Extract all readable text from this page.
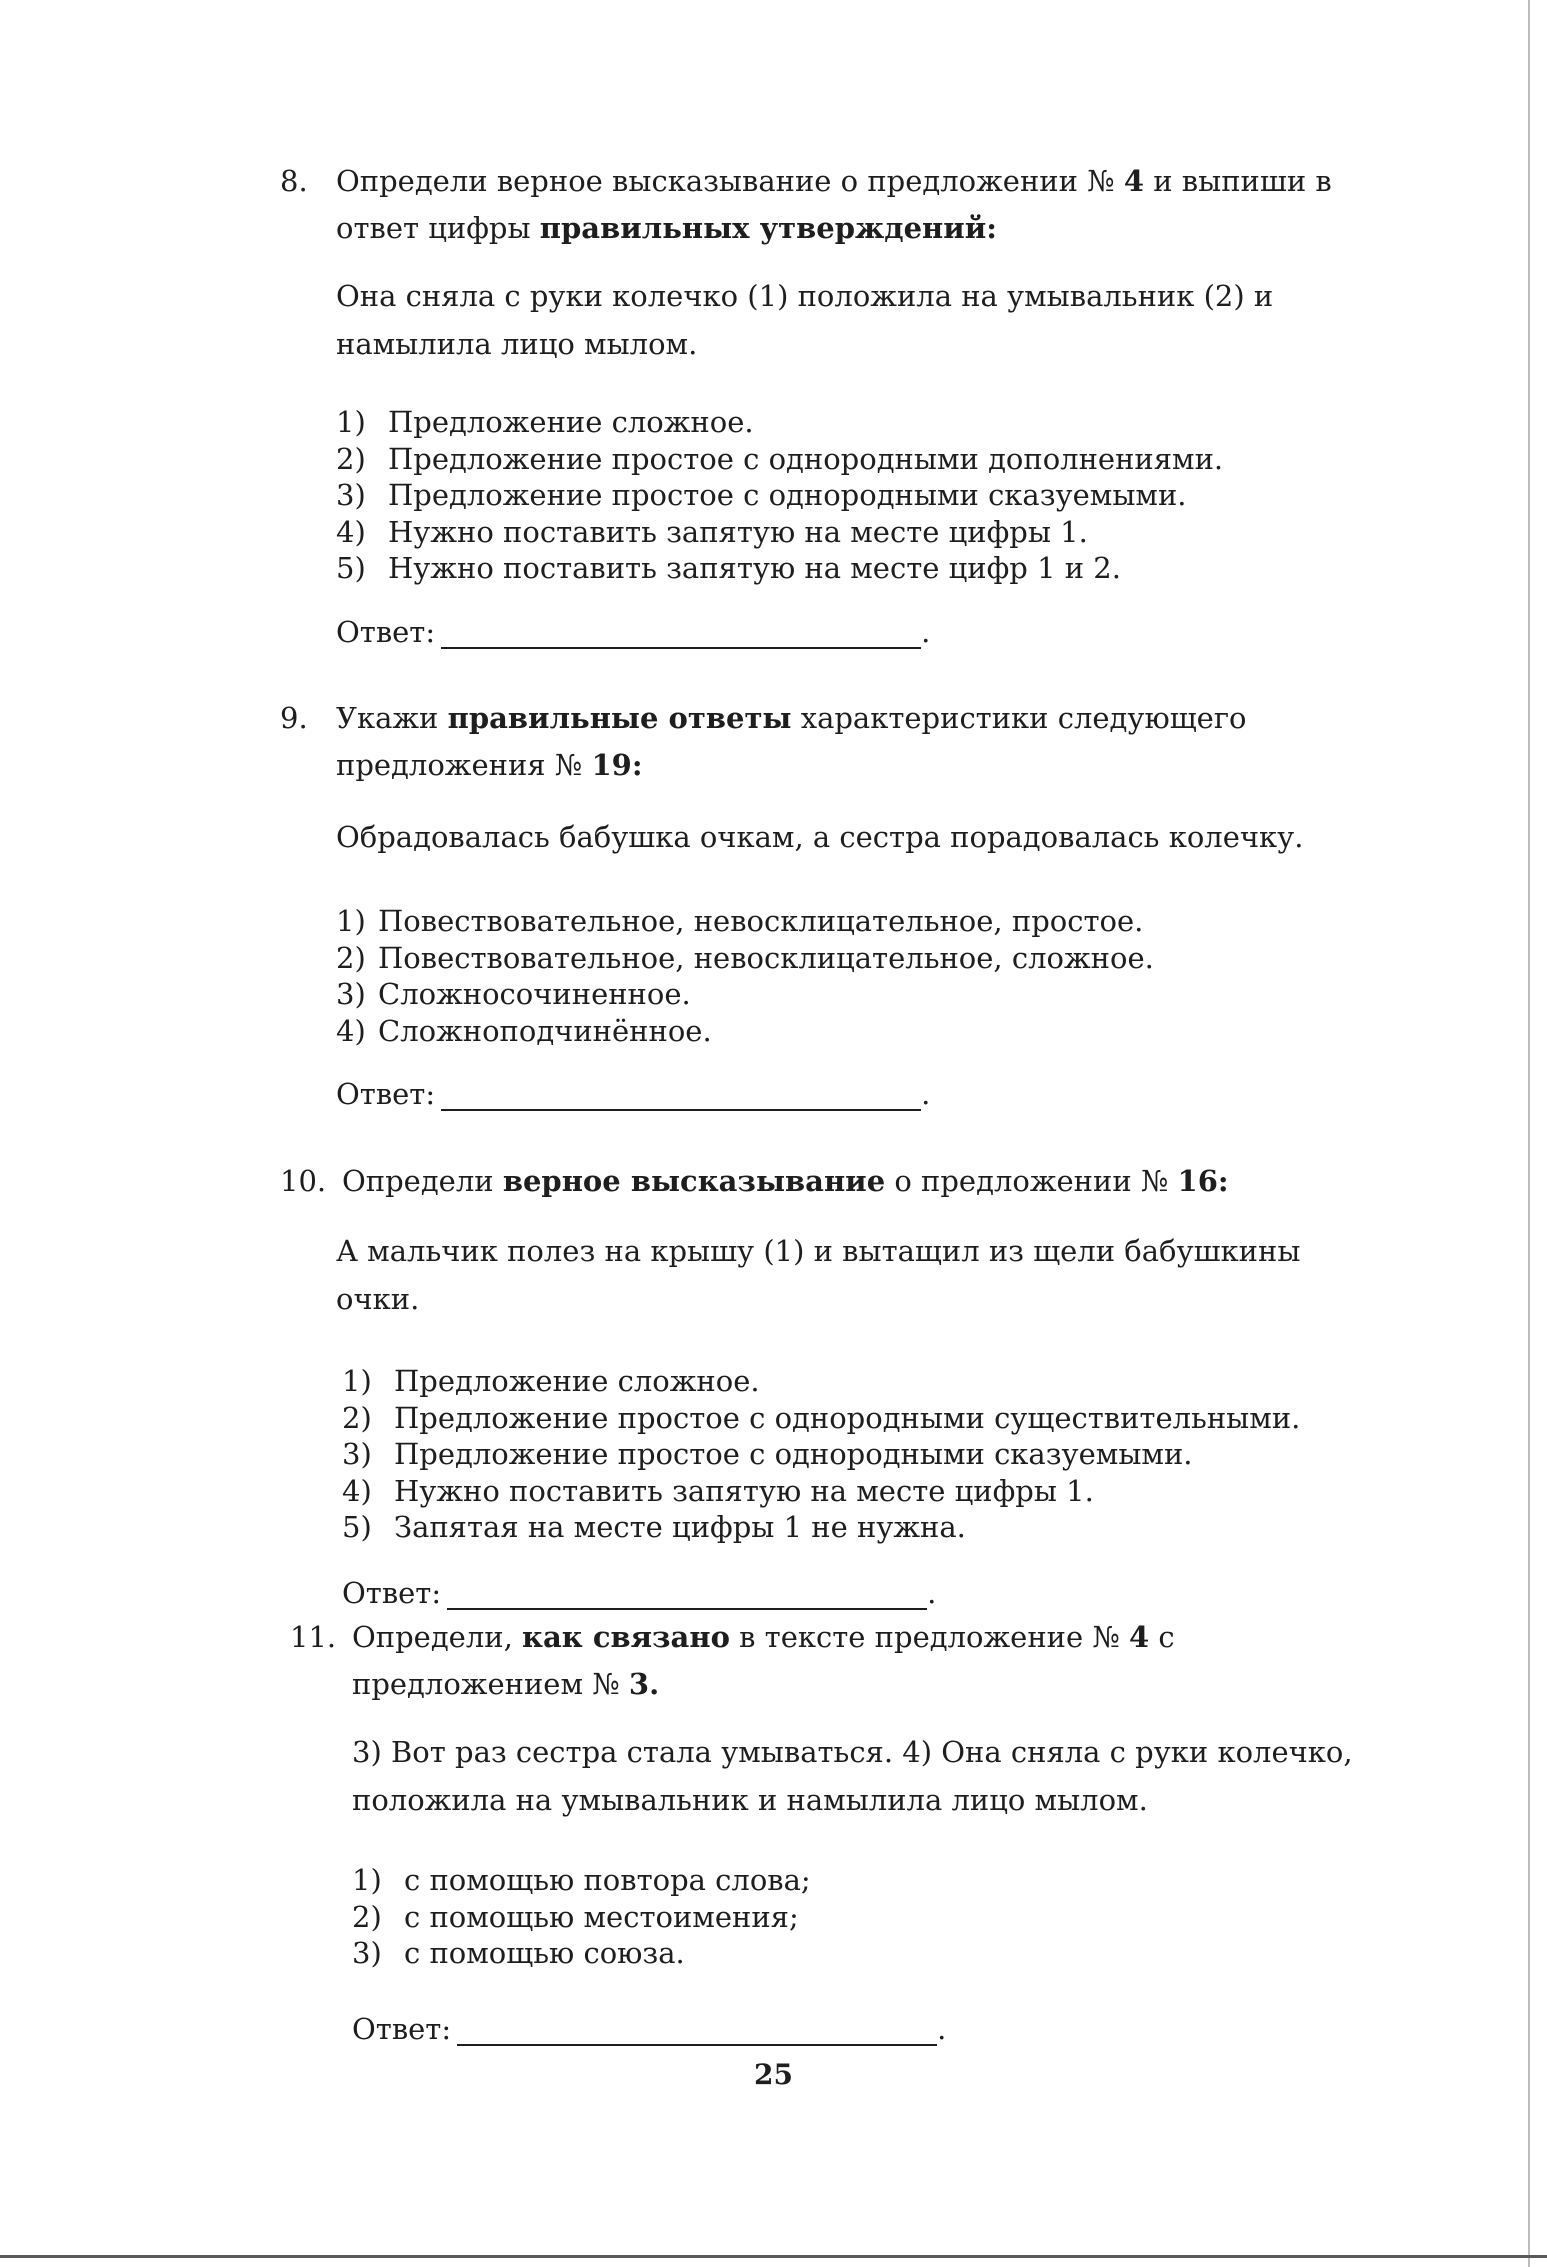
8. Определи верное высказывание о предложении № 4 и выпиши в ответ цифры правильных утверждений:
Она сняла с руки колечко (1) положила на умывальник (2) и намылила лицо мылом.
1) Предложение сложное.
2) Предложение простое с однородными дополнениями.
3) Предложение простое с однородными сказуемыми.
4) Нужно поставить запятую на месте цифры 1.
5) Нужно поставить запятую на месте цифр 1 и 2.
Ответ:	.
9. Укажи правильные ответы характеристики следующего предложения № 19:
Обрадовалась бабушка очкам, а сестра порадовалась колечку.
1) Повествовательное, невосклицательное, простое.
2) Повествовательное, невосклицательное, сложное.
3) Сложносочиненное.
4) Сложноподчинённое.
Ответ:	.
10. Определи верное высказывание о предложении № 16:
А мальчик полез на крышу (1) и вытащил из щели бабушкины очки.
1) Предложение сложное.
2) Предложение простое с однородными существительными.
3) Предложение простое с однородными сказуемыми.
4) Нужно поставить запятую на месте цифры 1.
5) Запятая на месте цифры 1 не нужна.
Ответ:	.
11. Определи, как связано в тексте предложение № 4 с предложением № 3.
3) Вот раз сестра стала умываться. 4) Она сняла с руки колечко, положила на умывальник и намылила лицо мылом.
1) с помощью повтора слова;
2) с помощью местоимения;
3) с помощью союза.
Ответ:	.
25
